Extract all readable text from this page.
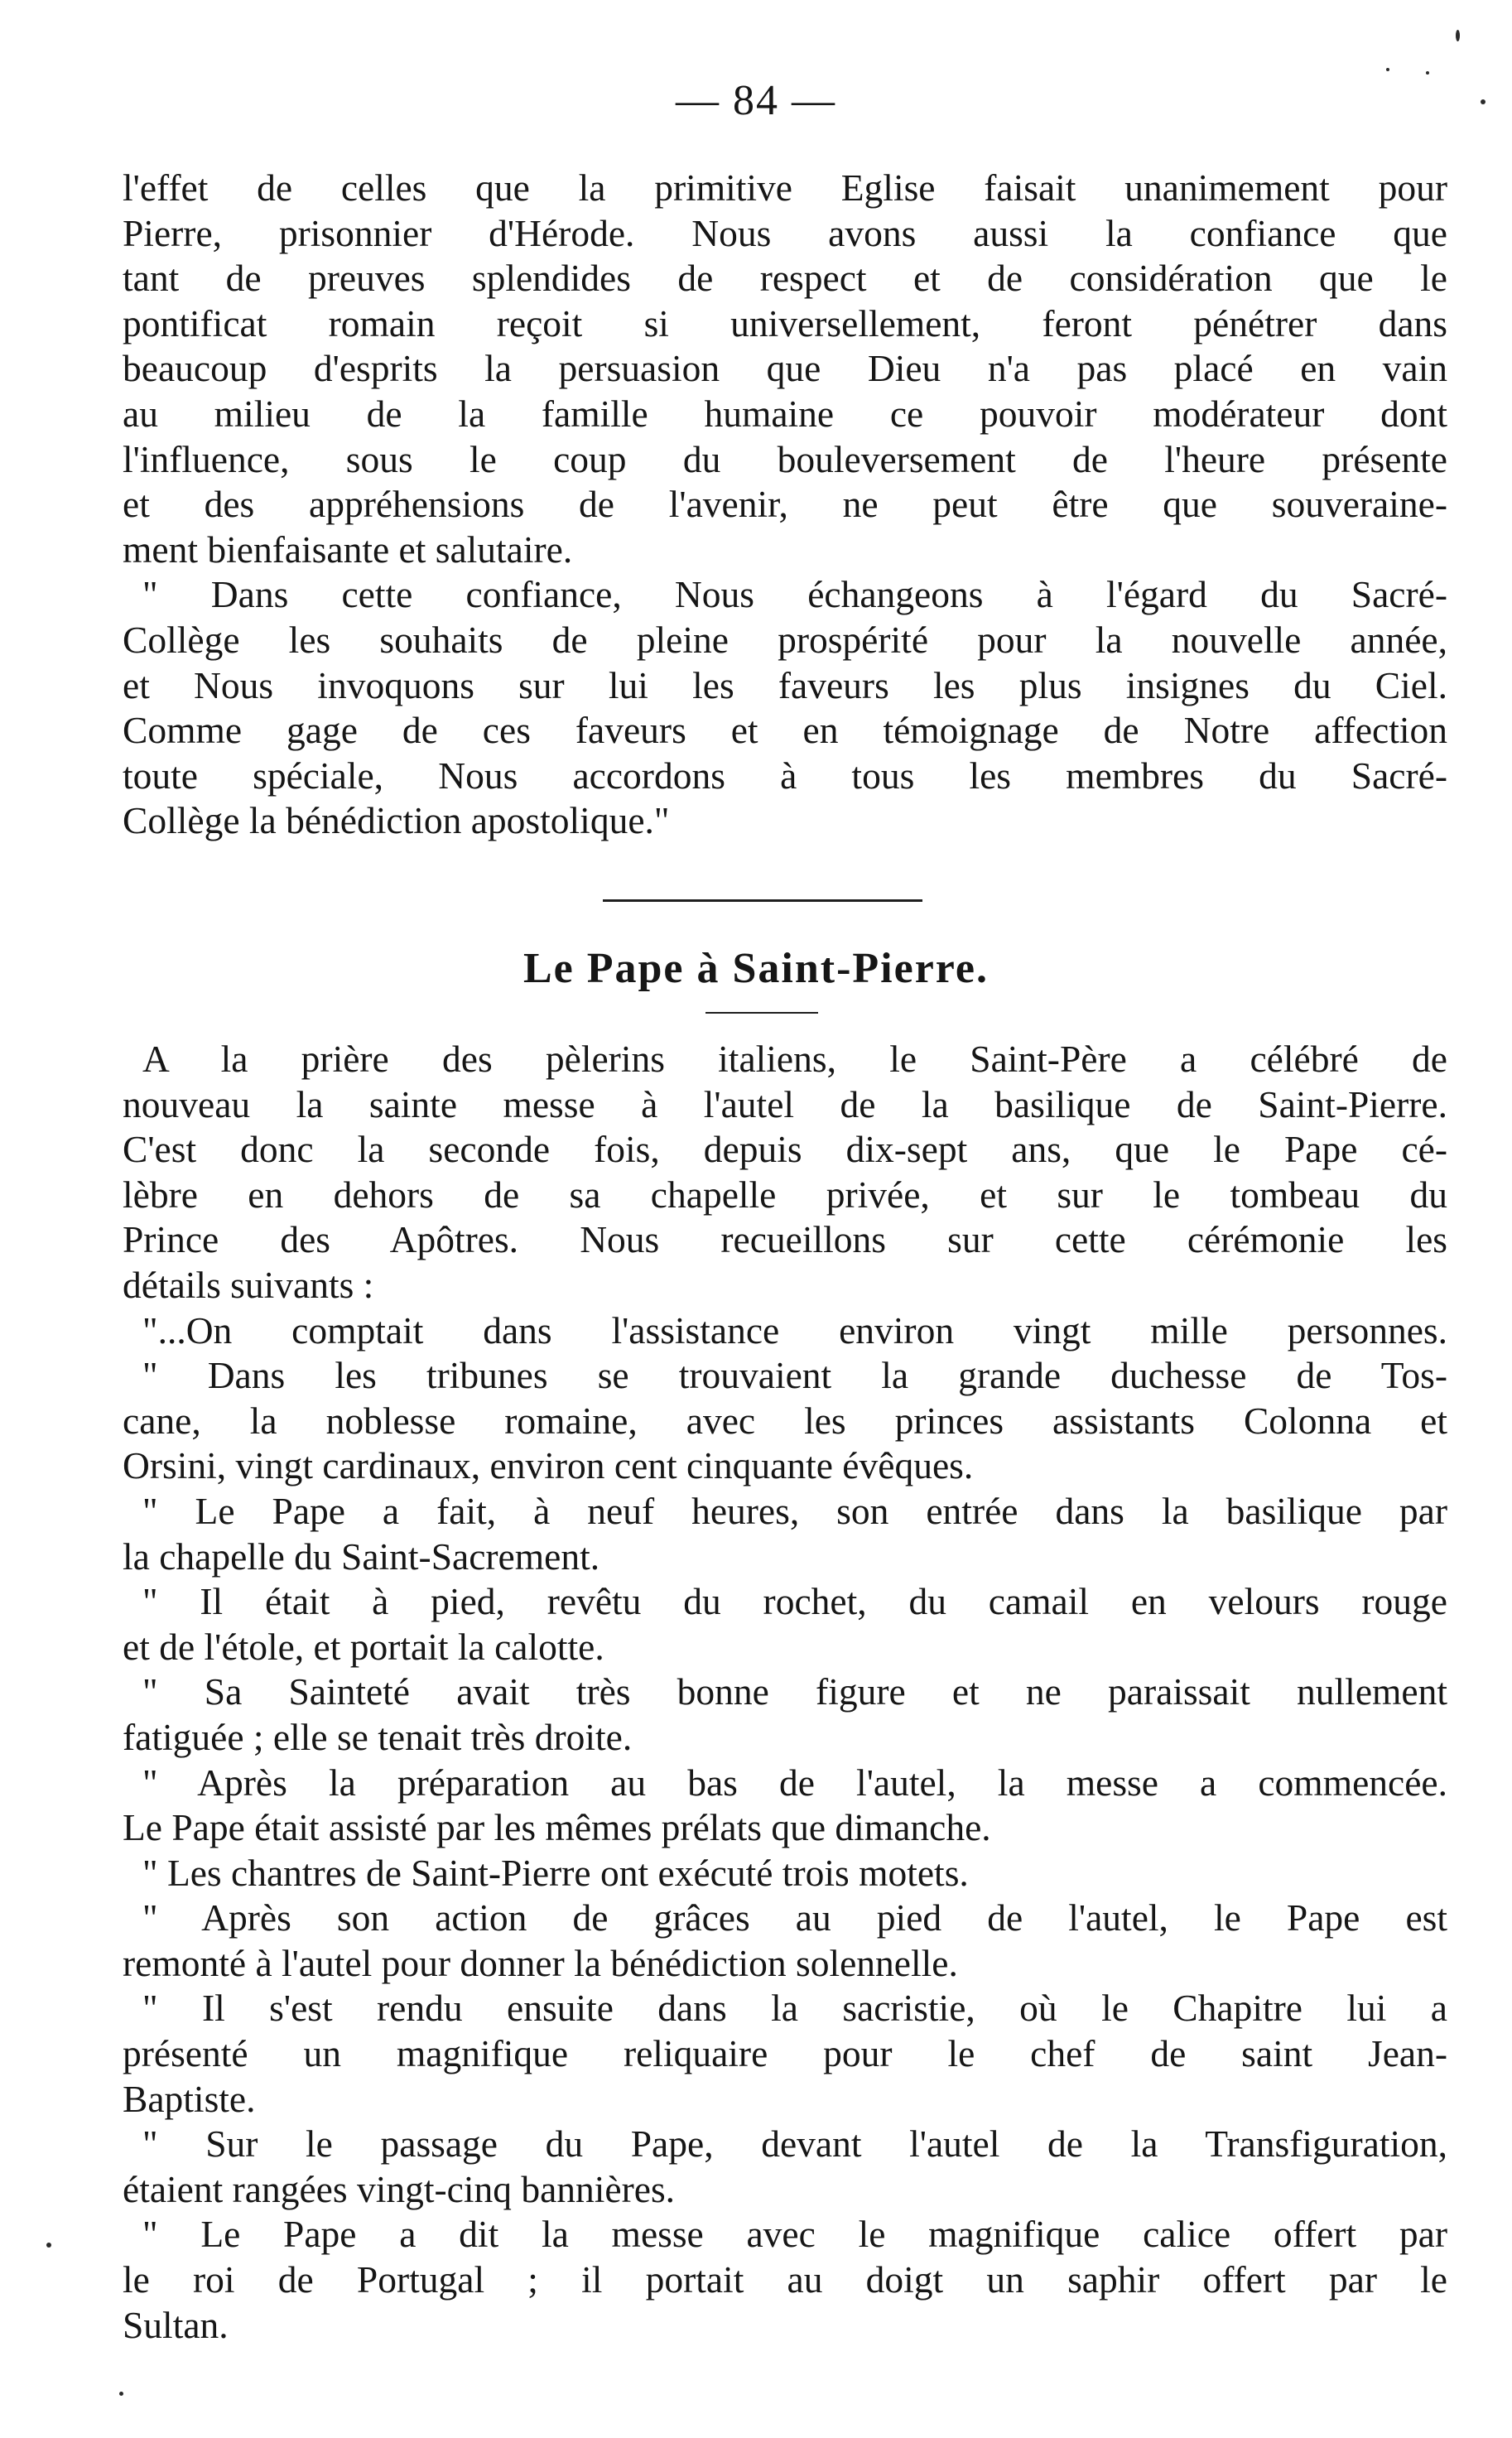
— 84 —
l'effet de celles que la primitive Eglise faisait unanimement pour
Pierre, prisonnier d'Hérode. Nous avons aussi la confiance que
tant de preuves splendides de respect et de considération que le
pontificat romain reçoit si universellement, feront pénétrer dans
beaucoup d'esprits la persuasion que Dieu n'a pas placé en vain
au milieu de la famille humaine ce pouvoir modérateur dont
l'influence, sous le coup du bouleversement de l'heure présente
et des appréhensions de l'avenir, ne peut être que souveraine-
ment bienfaisante et salutaire.
" Dans cette confiance, Nous échangeons à l'égard du Sacré-
Collège les souhaits de pleine prospérité pour la nouvelle année,
et Nous invoquons sur lui les faveurs les plus insignes du Ciel.
Comme gage de ces faveurs et en témoignage de Notre affection
toute spéciale, Nous accordons à tous les membres du Sacré-
Collège la bénédiction apostolique."
Le Pape à Saint-Pierre.
A la prière des pèlerins italiens, le Saint-Père a célébré de
nouveau la sainte messe à l'autel de la basilique de Saint-Pierre.
C'est donc la seconde fois, depuis dix-sept ans, que le Pape cé-
lèbre en dehors de sa chapelle privée, et sur le tombeau du
Prince des Apôtres. Nous recueillons sur cette cérémonie les
détails suivants :
"...On comptait dans l'assistance environ vingt mille personnes.
" Dans les tribunes se trouvaient la grande duchesse de Tos-
cane, la noblesse romaine, avec les princes assistants Colonna et
Orsini, vingt cardinaux, environ cent cinquante évêques.
" Le Pape a fait, à neuf heures, son entrée dans la basilique par
la chapelle du Saint-Sacrement.
" Il était à pied, revêtu du rochet, du camail en velours rouge
et de l'étole, et portait la calotte.
" Sa Sainteté avait très bonne figure et ne paraissait nullement
fatiguée ; elle se tenait très droite.
" Après la préparation au bas de l'autel, la messe a commencée.
Le Pape était assisté par les mêmes prélats que dimanche.
" Les chantres de Saint-Pierre ont exécuté trois motets.
" Après son action de grâces au pied de l'autel, le Pape est
remonté à l'autel pour donner la bénédiction solennelle.
" Il s'est rendu ensuite dans la sacristie, où le Chapitre lui a
présenté un magnifique reliquaire pour le chef de saint Jean-
Baptiste.
" Sur le passage du Pape, devant l'autel de la Transfiguration,
étaient rangées vingt-cinq bannières.
" Le Pape a dit la messe avec le magnifique calice offert par
le roi de Portugal ; il portait au doigt un saphir offert par le
Sultan.
